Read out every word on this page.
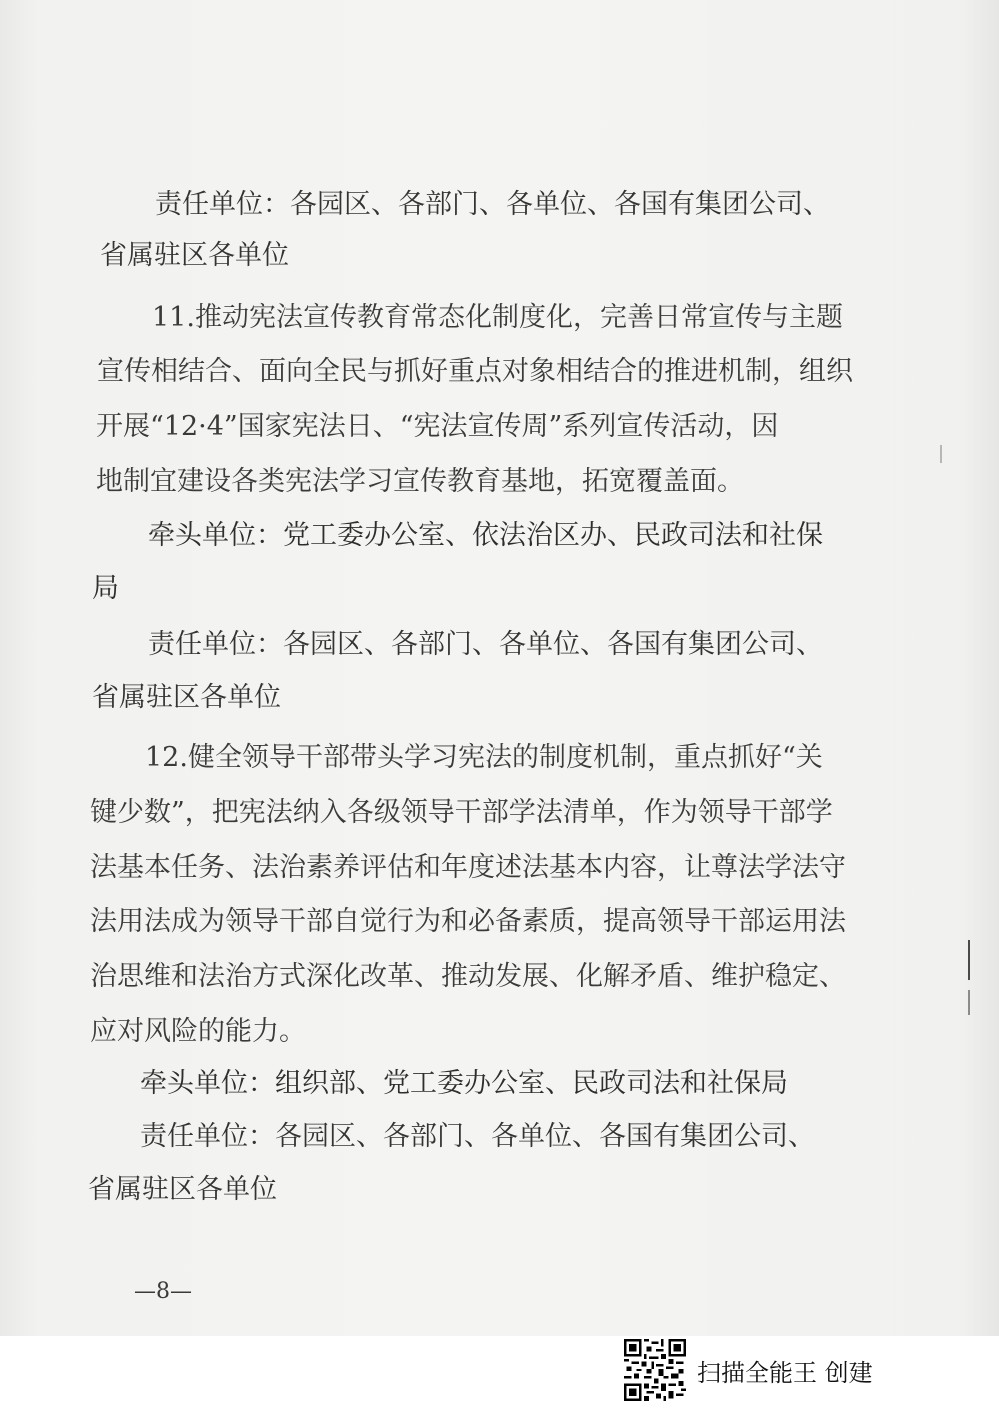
责任单位：各园区、各部门、各单位、各国有集团公司、
省属驻区各单位
11.推动宪法宣传教育常态化制度化，完善日常宣传与主题
宣传相结合、面向全民与抓好重点对象相结合的推进机制，组织
开展“12·4”国家宪法日、“宪法宣传周”系列宣传活动，因
地制宜建设各类宪法学习宣传教育基地，拓宽覆盖面。
牵头单位：党工委办公室、依法治区办、民政司法和社保
局
责任单位：各园区、各部门、各单位、各国有集团公司、
省属驻区各单位
12.健全领导干部带头学习宪法的制度机制，重点抓好“关
键少数”，把宪法纳入各级领导干部学法清单，作为领导干部学
法基本任务、法治素养评估和年度述法基本内容，让尊法学法守
法用法成为领导干部自觉行为和必备素质，提高领导干部运用法
治思维和法治方式深化改革、推动发展、化解矛盾、维护稳定、
应对风险的能力。
牵头单位：组织部、党工委办公室、民政司法和社保局
责任单位：各园区、各部门、各单位、各国有集团公司、
省属驻区各单位
—8—
扫描全能王 创建
